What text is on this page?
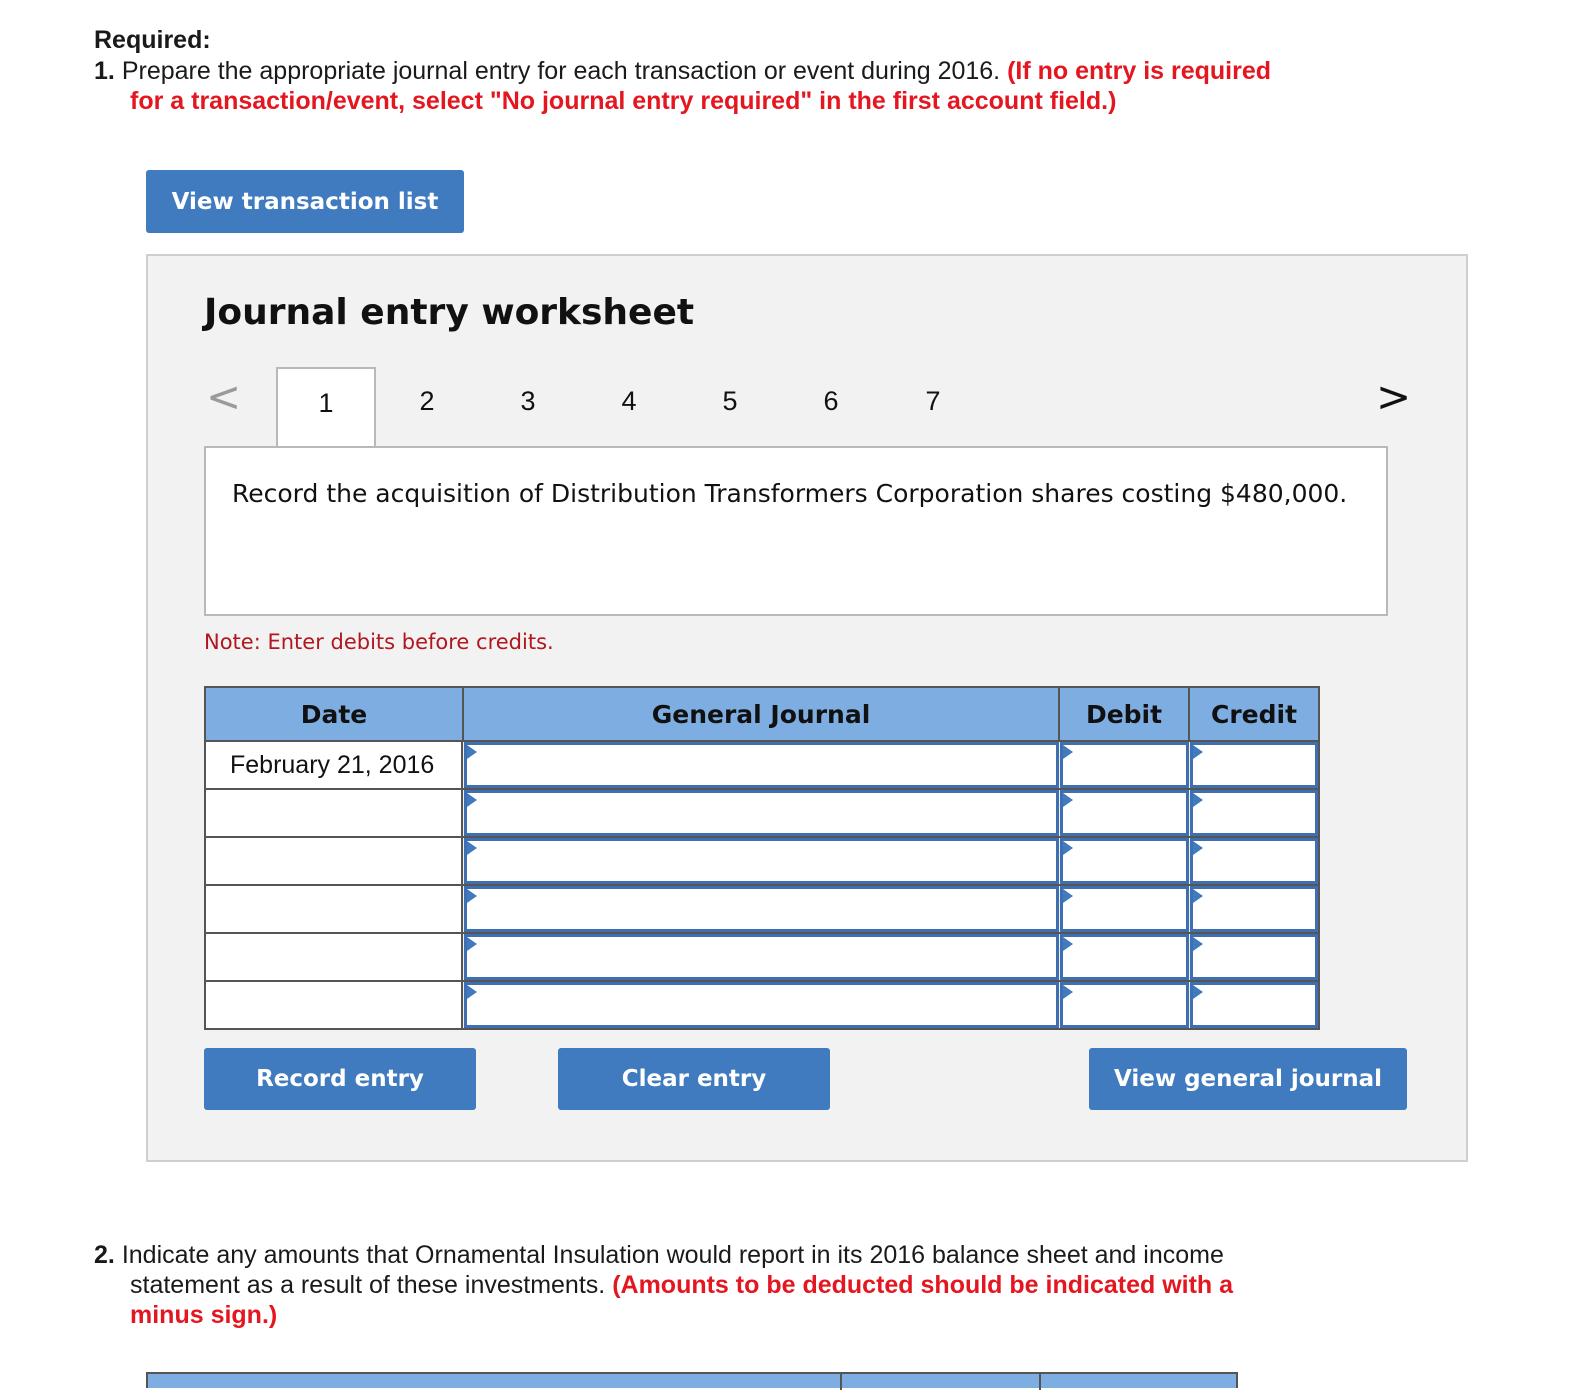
Required:
1. Prepare the appropriate journal entry for each transaction or event during 2016. (If no entry is required
for a transaction/event, select "No journal entry required" in the first account field.)
View transaction list
Journal entry worksheet
<	>
1	2	3	4	5	6	7
Record the acquisition of Distribution Transformers Corporation shares costing $480,000.
Note: Enter debits before credits.
Date	General Journal	Debit	Credit
February 21, 2016
Record entry	Clear entry	View general journal
2. Indicate any amounts that Ornamental Insulation would report in its 2016 balance sheet and income
statement as a result of these investments. (Amounts to be deducted should be indicated with a
minus sign.)
